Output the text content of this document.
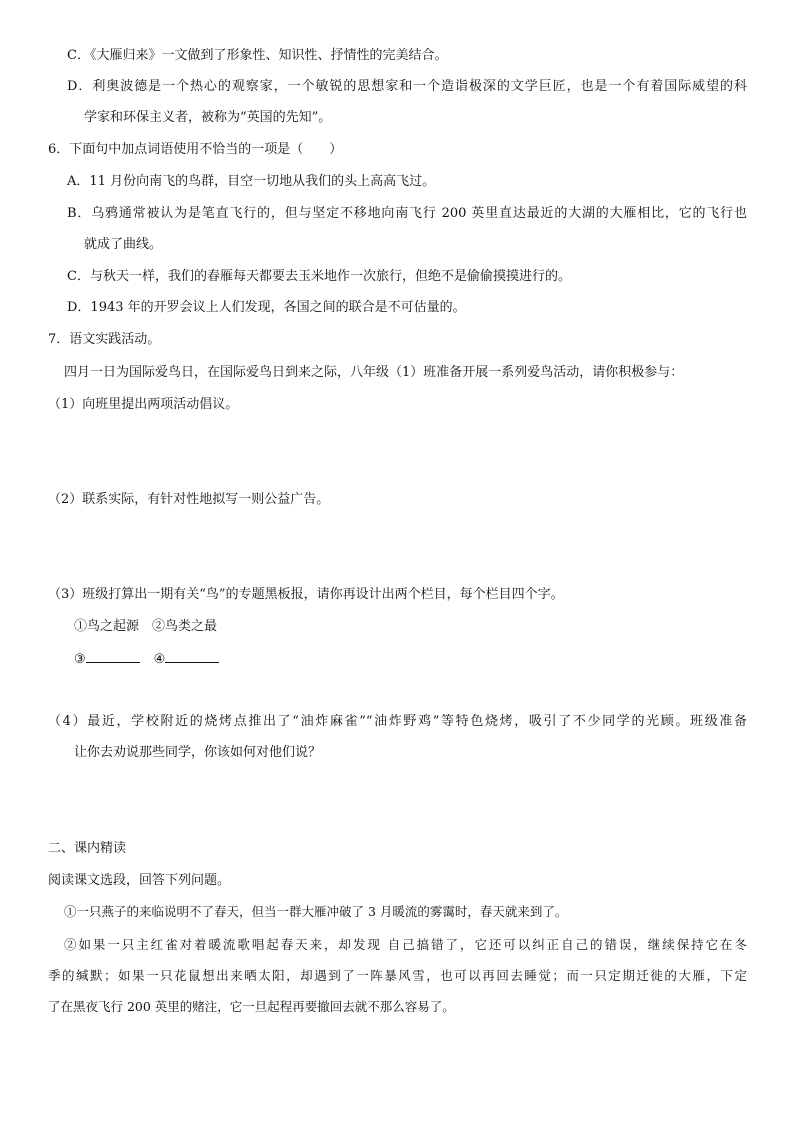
C．《大雁归来》一文做到了形象性、知识性、抒情性的完美结合。
D．利奥波德是一个热心的观察家，一个敏锐的思想家和一个造诣极深的文学巨匠，也是一个有着国际威望的科
学家和环保主义者，被称为“英国的先知”。
6．下面句中加点词语使用不恰当的一项是（　　）
A．11 月份向南飞的鸟群，目空一切地从我们的头上高高飞过。
B．乌鸦通常被认为是笔直飞行的，但与坚定不移地向南飞行 200 英里直达最近的大湖的大雁相比，它的飞行也
就成了曲线。
C．与秋天一样，我们的春雁每天都要去玉米地作一次旅行，但绝不是偷偷摸摸进行的。
D．1943 年的开罗会议上人们发现，各国之间的联合是不可估量的。
7．语文实践活动。
四月一日为国际爱鸟日，在国际爱鸟日到来之际，八年级（1）班准备开展一系列爱鸟活动，请你积极参与：
（1）向班里提出两项活动倡议。
（2）联系实际，有针对性地拟写一则公益广告。
（3）班级打算出一期有关“鸟”的专题黑板报，请你再设计出两个栏目，每个栏目四个字。
①鸟之起源　②鸟类之最
③	④
（4）最近，学校附近的烧烤点推出了“油炸麻雀”“油炸野鸡”等特色烧烤，吸引了不少同学的光顾。班级准备
让你去劝说那些同学，你该如何对他们说？
二、课内精读
阅读课文选段，回答下列问题。
①一只燕子的来临说明不了春天，但当一群大雁冲破了 3 月暖流的雾霭时，春天就来到了。
②如果一只主红雀对着暖流歌唱起春天来，却发现 自己搞错了，它还可以纠正自己的错误，继续保持它在冬
季的缄默；如果一只花鼠想出来晒太阳，却遇到了一阵暴风雪，也可以再回去睡觉；而一只定期迁徙的大雁，下定
了在黑夜飞行 200 英里的赌注，它一旦起程再要撤回去就不那么容易了。
